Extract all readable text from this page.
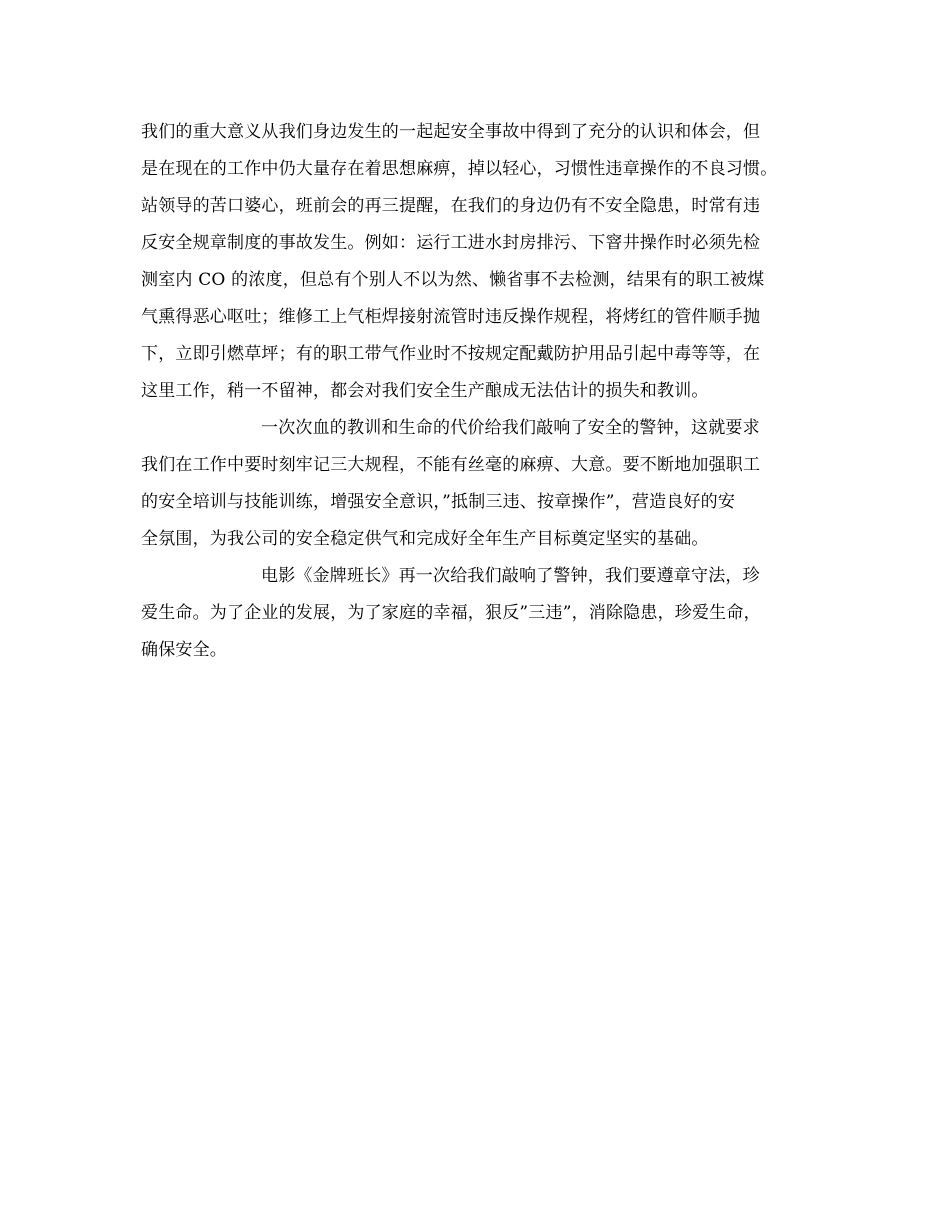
我们的重大意义从我们身边发生的一起起安全事故中得到了充分的认识和体会，但
是在现在的工作中仍大量存在着思想麻痹，掉以轻心，习惯性违章操作的不良习惯。
站领导的苦口婆心，班前会的再三提醒，在我们的身边仍有不安全隐患，时常有违
反安全规章制度的事故发生。例如：运行工进水封房排污、下窨井操作时必须先检
测室内 CO 的浓度，但总有个别人不以为然、懒省事不去检测，结果有的职工被煤
气熏得恶心呕吐；维修工上气柜焊接射流管时违反操作规程，将烤红的管件顺手抛
下，立即引燃草坪；有的职工带气作业时不按规定配戴防护用品引起中毒等等，在
这里工作，稍一不留神，都会对我们安全生产酿成无法估计的损失和教训。
一次次血的教训和生命的代价给我们敲响了安全的警钟，这就要求
我们在工作中要时刻牢记三大规程，不能有丝毫的麻痹、大意。要不断地加强职工
的安全培训与技能训练，增强安全意识，”抵制三违、按章操作”，营造良好的安
全氛围，为我公司的安全稳定供气和完成好全年生产目标奠定坚实的基础。
电影《金牌班长》再一次给我们敲响了警钟，我们要遵章守法，珍
爱生命。为了企业的发展，为了家庭的幸福，狠反”三违”，消除隐患，珍爱生命，
确保安全。
